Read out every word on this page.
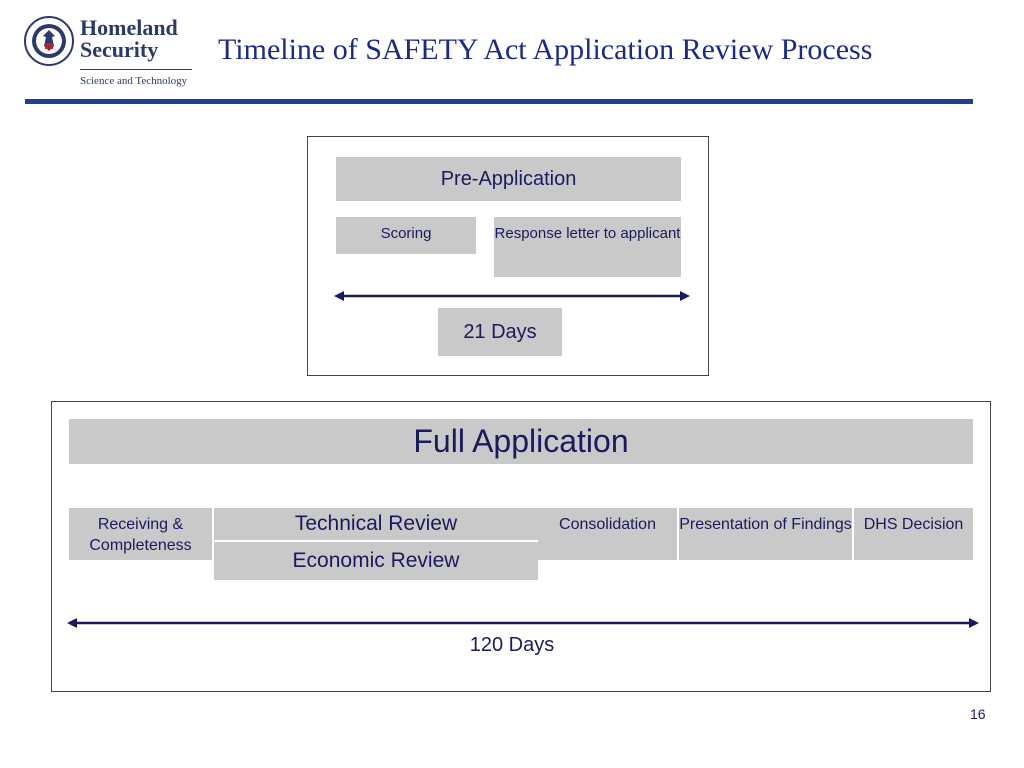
Homeland
Security
Science and Technology
Timeline of SAFETY Act Application Review Process
Pre-Application
Scoring	Response letter to applicant
21 Days
Full Application
Receiving & Completeness
Technical Review
Economic Review
Consolidation	Presentation of Findings DHS Decision
120 Days
16
